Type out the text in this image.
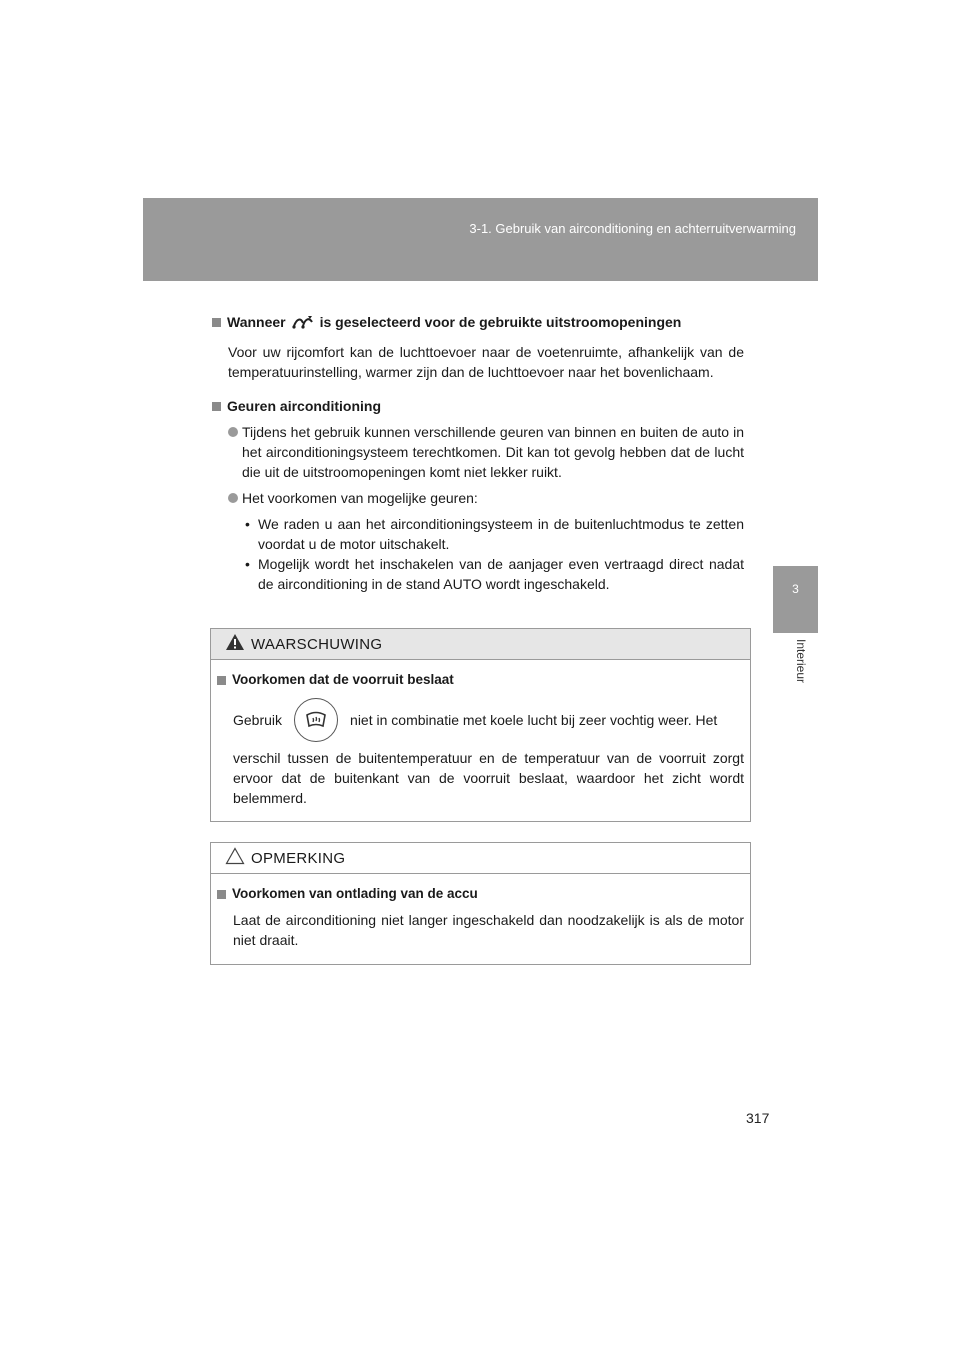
3-1. Gebruik van airconditioning en achterruitverwarming
3
Interieur

Wanneer is geselecteerd voor de gebruikte uitstroomopeningen

Voor uw rijcomfort kan de luchttoevoer naar de voetenruimte, afhankelijk van de temperatuurinstelling, warmer zijn dan de luchttoevoer naar het bovenlichaam.

Geuren airconditioning

Tijdens het gebruik kunnen verschillende geuren van binnen en buiten de auto in het airconditioningsysteem terechtkomen. Dit kan tot gevolg hebben dat de lucht die uit de uitstroomopeningen komt niet lekker ruikt.
Het voorkomen van mogelijke geuren:
• We raden u aan het airconditioningsysteem in de buitenluchtmodus te zetten voordat u de motor uitschakelt.
• Mogelijk wordt het inschakelen van de aanjager even vertraagd direct nadat de airconditioning in de stand AUTO wordt ingeschakeld.
WAARSCHUWING

Voorkomen dat de voorruit beslaat

Gebruik	niet in combinatie met koele lucht bij zeer vochtig weer. Het

verschil tussen de buitentemperatuur en de temperatuur van de voorruit zorgt ervoor dat de buitenkant van de voorruit beslaat, waardoor het zicht wordt belemmerd.

OPMERKING

Voorkomen van ontlading van de accu

Laat de airconditioning niet langer ingeschakeld dan noodzakelijk is als de motor niet draait.

317
